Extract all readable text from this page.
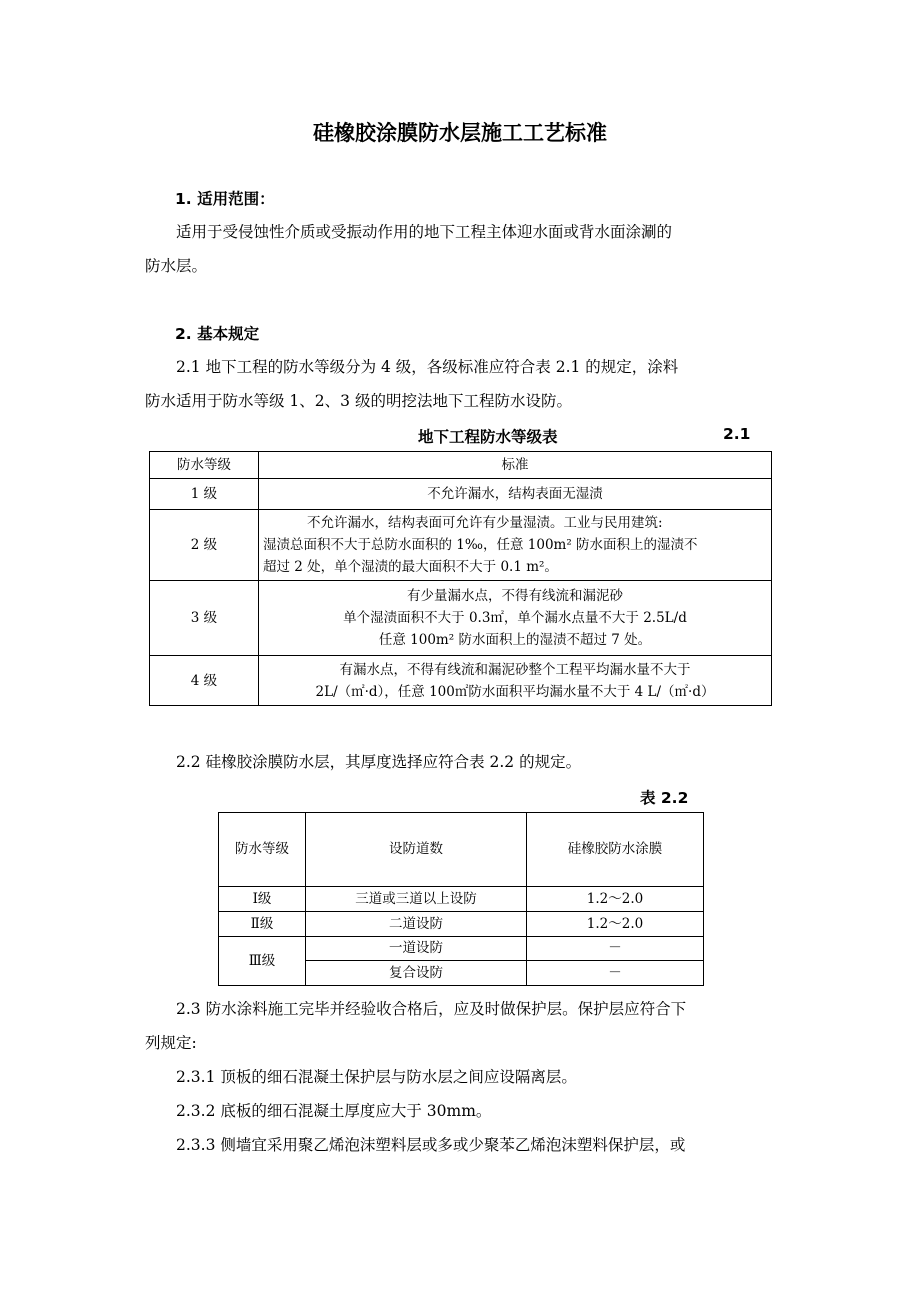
硅橡胶涂膜防水层施工工艺标准
1. 适用范围：
适用于受侵蚀性介质或受振动作用的地下工程主体迎水面或背水面涂涮的
防水层。
2. 基本规定
2.1 地下工程的防水等级分为 4 级，各级标准应符合表 2.1 的规定，涂料
防水适用于防水等级 1、2、3 级的明挖法地下工程防水设防。
地下工程防水等级表	2.1
防水等级	标准
1 级	不允许漏水，结构表面无湿渍

2 级	不允许漏水，结构表面可允许有少量湿渍。工业与民用建筑:
湿渍总面积不大于总防水面积的 1‰，任意 100m² 防水面积上的湿渍不
超过 2 处，单个湿渍的最大面积不大于 0.1 m²。

3 级	有少量漏水点，不得有线流和漏泥砂
单个湿渍面积不大于 0.3㎡，单个漏水点量不大于 2.5L/d
任意 100m² 防水面积上的湿渍不超过 7 处。

4 级	有漏水点，不得有线流和漏泥砂整个工程平均漏水量不大于
2L/（㎡·d），任意 100㎡防水面积平均漏水量不大于 4 L/（㎡·d）
2.2 硅橡胶涂膜防水层，其厚度选择应符合表 2.2 的规定。
表 2.2
防水等级	设防道数	硅橡胶防水涂膜
Ⅰ级	三道或三道以上设防	1.2～2.0
Ⅱ级	二道设防	1.2～2.0
Ⅲ级	一道设防	－
	复合设防	－
2.3 防水涂料施工完毕并经验收合格后，应及时做保护层。保护层应符合下
列规定:
2.3.1 顶板的细石混凝土保护层与防水层之间应设隔离层。
2.3.2 底板的细石混凝土厚度应大于 30mm。
2.3.3 侧墙宜采用聚乙烯泡沫塑料层或多或少聚苯乙烯泡沫塑料保护层，或
